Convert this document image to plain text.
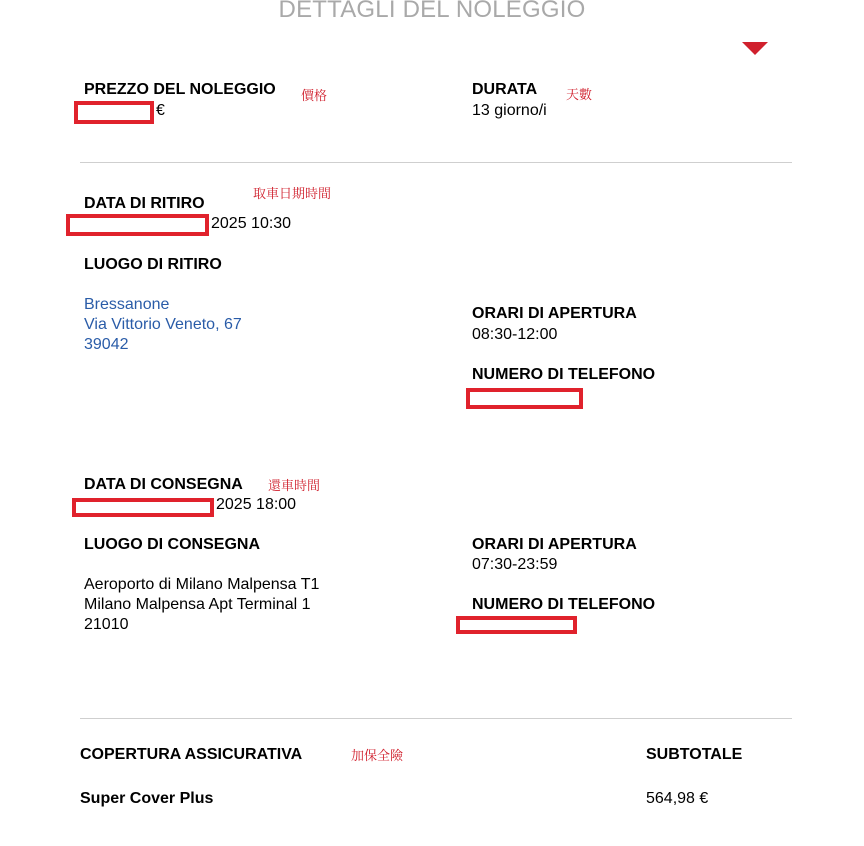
DETTAGLI DEL NOLEGGIO
PREZZO DEL NOLEGGIO 價格
€
DURATA 天數
13 giorno/i
取車日期時間
DATA DI RITIRO
2025 10:30
LUOGO DI RITIRO
Bressanone
Via Vittorio Veneto, 67
39042
ORARI DI APERTURA
08:30-12:00
NUMERO DI TELEFONO
DATA DI CONSEGNA 還車時間
2025 18:00
LUOGO DI CONSEGNA
Aeroporto di Milano Malpensa T1
Milano Malpensa Apt Terminal 1
21010
ORARI DI APERTURA
07:30-23:59
NUMERO DI TELEFONO
COPERTURA ASSICURATIVA	加保全險	SUBTOTALE
Super Cover Plus	564,98 €
